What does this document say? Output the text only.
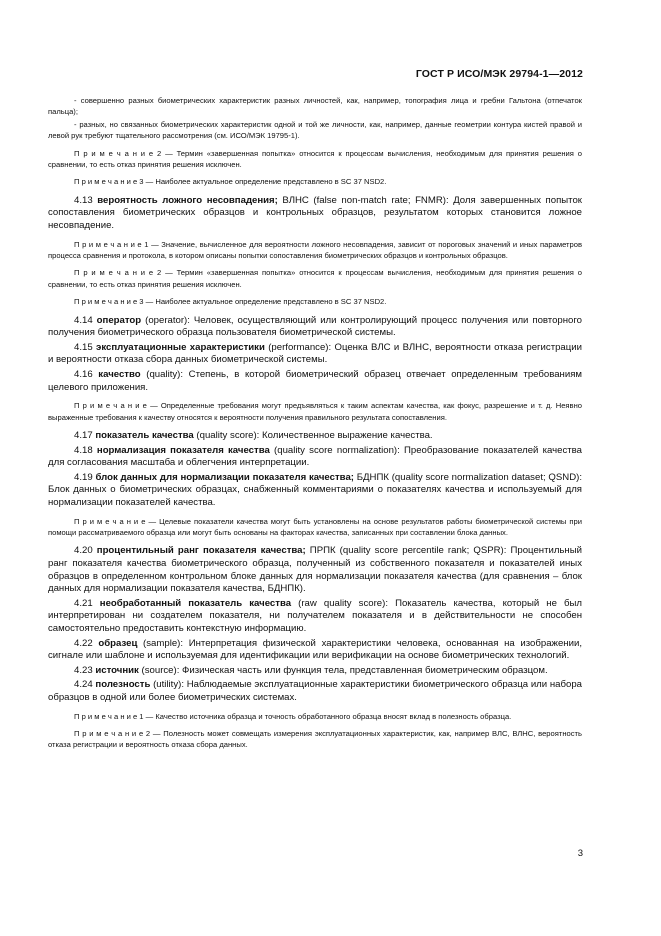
ГОСТ Р ИСО/МЭК 29794-1—2012

- совершенно разных биометрических характеристик разных личностей, как, например, топография лица и гребни Гальтона (отпечаток пальца);

- разных, но связанных биометрических характеристик одной и той же личности, как, например, данные геометрии контура кистей правой и левой рук требуют тщательного рассмотрения (см. ИСО/МЭК 19795-1).

П р и м е ч а н и е 2 — Термин «завершенная попытка» относится к процессам вычисления, необходимым для принятия решения о сравнении, то есть отказ принятия решения исключен.

П р и м е ч а н и е 3 — Наиболее актуальное определение представлено в SC 37 NSD2.

4.13 вероятность ложного несовпадения; ВЛНС (false non-match rate; FNMR): Доля завершенных попыток сопоставления биометрических образцов и контрольных образцов, результатом которых становится ложное несовпадение.

П р и м е ч а н и е 1 — Значение, вычисленное для вероятности ложного несовпадения, зависит от пороговых значений и иных параметров процесса сравнения и протокола, в котором описаны попытки сопоставления биометрических образцов и контрольных образцов.

П р и м е ч а н и е 2 — Термин «завершенная попытка» относится к процессам вычисления, необходимым для принятия решения о сравнении, то есть отказ принятия решения исключен.

П р и м е ч а н и е 3 — Наиболее актуальное определение представлено в SC 37 NSD2.

4.14 оператор (operator): Человек, осуществляющий или контролирующий процесс получения или повторного получения биометрического образца пользователя биометрической системы.

4.15 эксплуатационные характеристики (performance): Оценка ВЛС и ВЛНС, вероятности отказа регистрации и вероятности отказа сбора данных биометрической системы.

4.16 качество (quality): Степень, в которой биометрический образец отвечает определенным требованиям целевого приложения.

П р и м е ч а н и е — Определенные требования могут предъявляться к таким аспектам качества, как фокус, разрешение и т. д. Неявно выраженные требования к качеству относятся к вероятности получения правильного результата сопоставления.

4.17 показатель качества (quality score): Количественное выражение качества.

4.18 нормализация показателя качества (quality score normalization): Преобразование показателей качества для согласования масштаба и облегчения интерпретации.

4.19 блок данных для нормализации показателя качества; БДНПК (quality score normalization dataset; QSND): Блок данных о биометрических образцах, снабженный комментариями о показателях качества и используемый для нормализации показателей качества.

П р и м е ч а н и е — Целевые показатели качества могут быть установлены на основе результатов работы биометрической системы при помощи рассматриваемого образца или могут быть основаны на факторах качества, записанных при составлении блока данных.

4.20 процентильный ранг показателя качества; ПРПК (quality score percentile rank; QSPR): Процентильный ранг показателя качества биометрического образца, полученный из собственного показателя и показателей иных образцов в определенном контрольном блоке данных для нормализации показателя качества (для сравнения – блок данных для нормализации показателя качества, БДНПК).

4.21 необработанный показатель качества (raw quality score): Показатель качества, который не был интерпретирован ни создателем показателя, ни получателем показателя и в действительности не способен самостоятельно предоставить контекстную информацию.

4.22 образец (sample): Интерпретация физической характеристики человека, основанная на изображении, сигнале или шаблоне и используемая для идентификации или верификации на основе биометрических технологий.

4.23 источник (source): Физическая часть или функция тела, представленная биометрическим образцом.

4.24 полезность (utility): Наблюдаемые эксплуатационные характеристики биометрического образца или набора образцов в одной или более биометрических системах.

П р и м е ч а н и е 1 — Качество источника образца и точность обработанного образца вносят вклад в полезность образца.

П р и м е ч а н и е 2 — Полезность может совмещать измерения эксплуатационных характеристик, как, например ВЛС, ВЛНС, вероятность отказа регистрации и вероятность отказа сбора данных.

3
